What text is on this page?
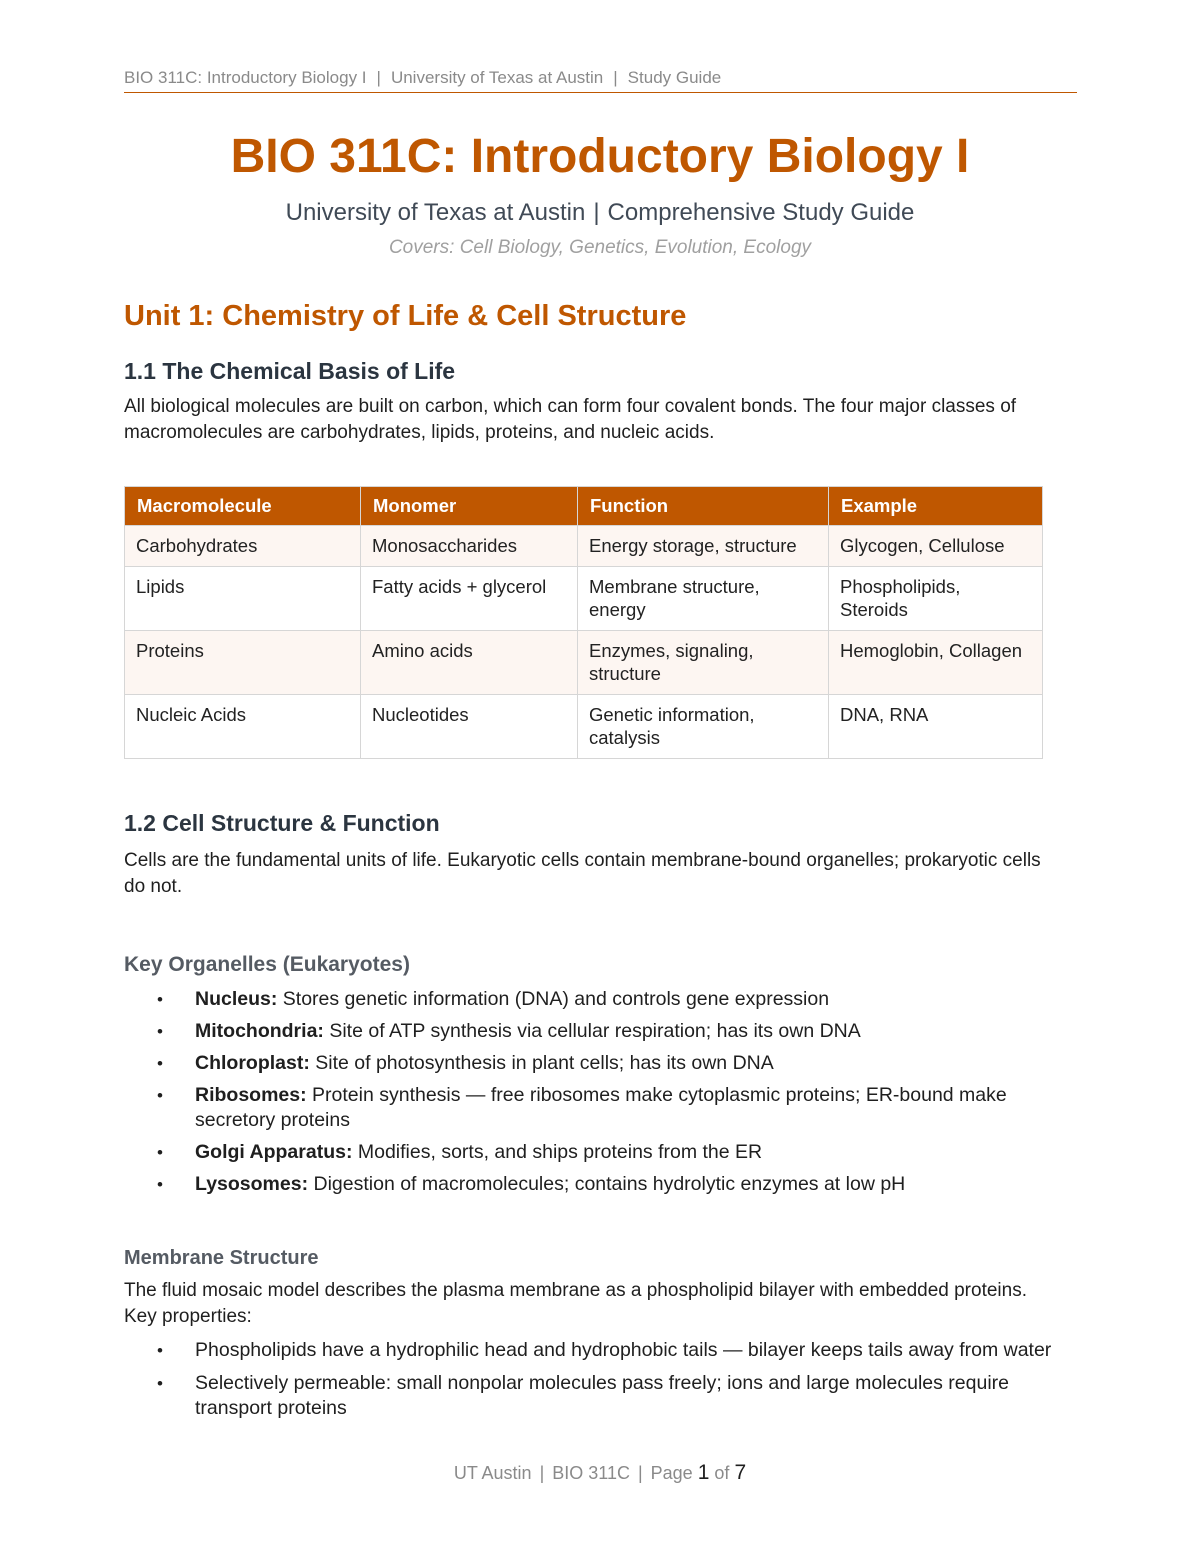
BIO 311C: Introductory Biology I | University of Texas at Austin | Study Guide
BIO 311C: Introductory Biology I
University of Texas at Austin | Comprehensive Study Guide
Covers: Cell Biology, Genetics, Evolution, Ecology
Unit 1: Chemistry of Life & Cell Structure
1.1 The Chemical Basis of Life

All biological molecules are built on carbon, which can form four covalent bonds. The four major classes of macromolecules are carbohydrates, lipids, proteins, and nucleic acids.

Macromolecule	Monomer	Function	Example
Carbohydrates	Monosaccharides	Energy storage, structure	Glycogen, Cellulose
Lipids	Fatty acids + glycerol	Membrane structure, energy	Phospholipids, Steroids
Proteins	Amino acids	Enzymes, signaling, structure	Hemoglobin, Collagen
Nucleic Acids	Nucleotides	Genetic information, catalysis	DNA, RNA
1.2 Cell Structure & Function

Cells are the fundamental units of life. Eukaryotic cells contain membrane-bound organelles; prokaryotic cells do not.

Key Organelles (Eukaryotes)
• Nucleus: Stores genetic information (DNA) and controls gene expression
• Mitochondria: Site of ATP synthesis via cellular respiration; has its own DNA
• Chloroplast: Site of photosynthesis in plant cells; has its own DNA
• Ribosomes: Protein synthesis — free ribosomes make cytoplasmic proteins; ER-bound make secretory proteins
• Golgi Apparatus: Modifies, sorts, and ships proteins from the ER
• Lysosomes: Digestion of macromolecules; contains hydrolytic enzymes at low pH
Membrane Structure

The fluid mosaic model describes the plasma membrane as a phospholipid bilayer with embedded proteins. Key properties:

• Phospholipids have a hydrophilic head and hydrophobic tails — bilayer keeps tails away from water
• Selectively permeable: small nonpolar molecules pass freely; ions and large molecules require transport proteins
UT Austin | BIO 311C | Page 1 of 7
